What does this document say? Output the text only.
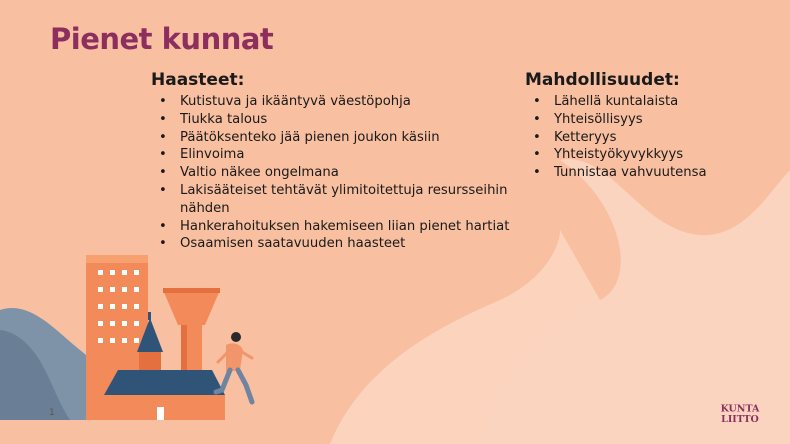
Pienet kunnat
Haasteet:
• Kutistuva ja ikääntyvä väestöpohja
• Tiukka talous
• Päätöksenteko jää pienen joukon käsiin
• Elinvoima
• Valtio näkee ongelmana
• Lakisääteiset tehtävät ylimitoitettuja resursseihin nähden
• Hankerahoituksen hakemiseen liian pienet hartiat
• Osaamisen saatavuuden haasteet
Mahdollisuudet:
• Lähellä kuntalaista
• Yhteisöllisyys
• Ketteryys
• Yhteistyökyvykkyys
• Tunnistaa vahvuutensa
1	KUNTA
LIITTO
